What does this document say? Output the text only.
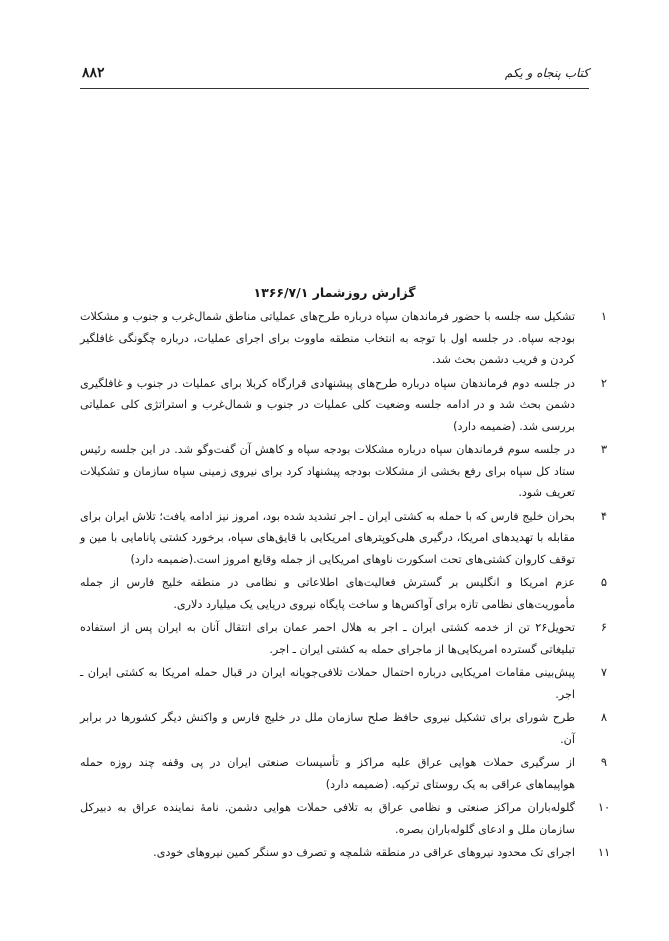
کتاب پنجاه و یکم
۸۸۲
گزارش روزشمار ۱۳۶۶/۷/۱
۱
تشکیل سه جلسه با حضور فرماندهان سپاه درباره طرح‌های عملیاتی مناطق شمال‌غرب و جنوب و مشکلات بودجه سپاه. در جلسه اول با توجه به انتخاب منطقه ماووت برای اجرای عملیات، درباره چگونگی غافلگیر کردن و فریب دشمن بحث شد.
۲
در جلسه دوم فرماندهان سپاه درباره طرح‌های پیشنهادی قرارگاه کربلا برای عملیات در جنوب و غافلگیری دشمن بحث شد و در ادامه جلسه وضعیت کلی عملیات در جنوب و شمال‌غرب و استراتژی کلی عملیاتی بررسی شد. (ضمیمه دارد)
۳
در جلسه سوم فرماندهان سپاه درباره مشکلات بودجه سپاه و کاهش آن گفت‌وگو شد. در این جلسه رئیس ستاد کل سپاه برای رفع بخشی از مشکلات بودجه پیشنهاد کرد برای نیروی زمینی سپاه سازمان و تشکیلات تعریف شود.
۴
بحران خلیج فارس که با حمله به کشتی ایران ـ اجر تشدید شده بود، امروز نیز ادامه یافت؛ تلاش ایران برای مقابله با تهدیدهای امریکا، درگیری هلی‌کوپترهای امریکایی با قایق‌های سپاه، برخورد کشتی پانامایی با مین و توقف کاروان کشتی‌های تحت اسکورت ناوهای امریکایی از جمله وقایع امروز است.(ضمیمه دارد)
۵
عزم امریکا و انگلیس بر گسترش فعالیت‌های اطلاعاتی و نظامی در منطقه خلیج فارس از جمله مأموریت‌های نظامی تازه برای آواکس‌ها و ساخت پایگاه نیروی دریایی یک میلیارد دلاری.
۶
تحویل۲۶ تن از خدمه کشتی ایران ـ اجر به هلال احمر عمان برای انتقال آنان به ایران پس از استفاده تبلیغاتی گسترده امریکایی‌ها از ماجرای حمله به کشتی ایران ـ اجر.
۷
پیش‌بینی مقامات امریکایی درباره احتمال حملات تلافی‌جویانه ایران در قبال حمله امریکا به کشتی ایران ـ اجر.
۸
طرح شورای برای تشکیل نیروی حافظ صلح سازمان ملل در خلیج فارس و واکنش دیگر کشورها در برابر آن.
۹
از سرگیری حملات هوایی عراق علیه مراکز و تأسیسات صنعتی ایران در پی وقفه چند روزه حمله هواپیماهای عراقی به یک روستای ترکیه. (ضمیمه دارد)
۱۰
گلوله‌باران مراکز صنعتی و نظامی عراق به تلافی حملات هوایی دشمن. نامهٔ نماینده عراق به دبیرکل سازمان ملل و ادعای گلوله‌باران بصره.
۱۱
اجرای تک محدود نیروهای عراقی در منطقه شلمچه و تصرف دو سنگر کمین نیروهای خودی.
